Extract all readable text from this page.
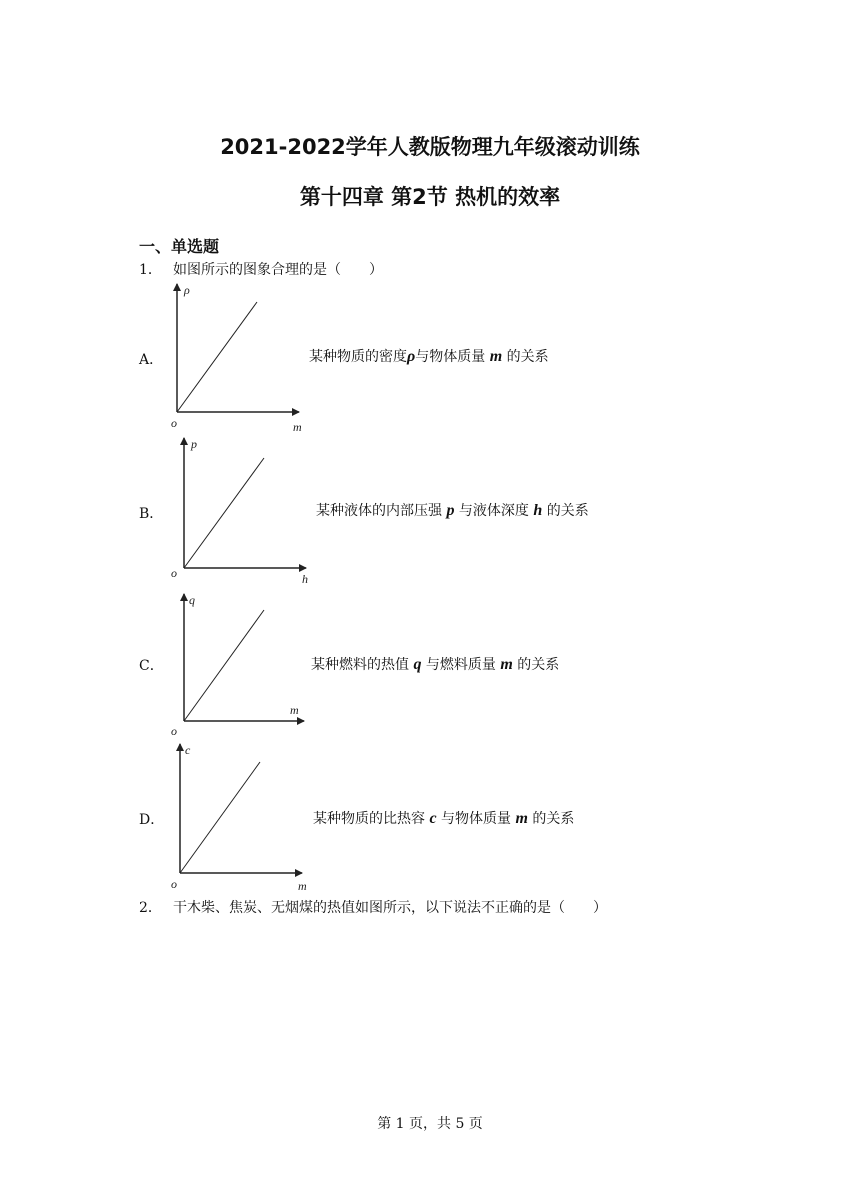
2021-2022学年人教版物理九年级滚动训练
第十四章 第2节 热机的效率
一、单选题
1． 如图所示的图象合理的是（　　）
A．
ρ
m
o
某种物质的密度ρ与物体质量 m 的关系
B．
p
h
o
某种液体的内部压强 p 与液体深度 h 的关系
C．
q
m
o
某种燃料的热值 q 与燃料质量 m 的关系
D．
c
m
o
某种物质的比热容 c 与物体质量 m 的关系
2． 干木柴、焦炭、无烟煤的热值如图所示，以下说法不正确的是（　　）
第 1 页，共 5 页
